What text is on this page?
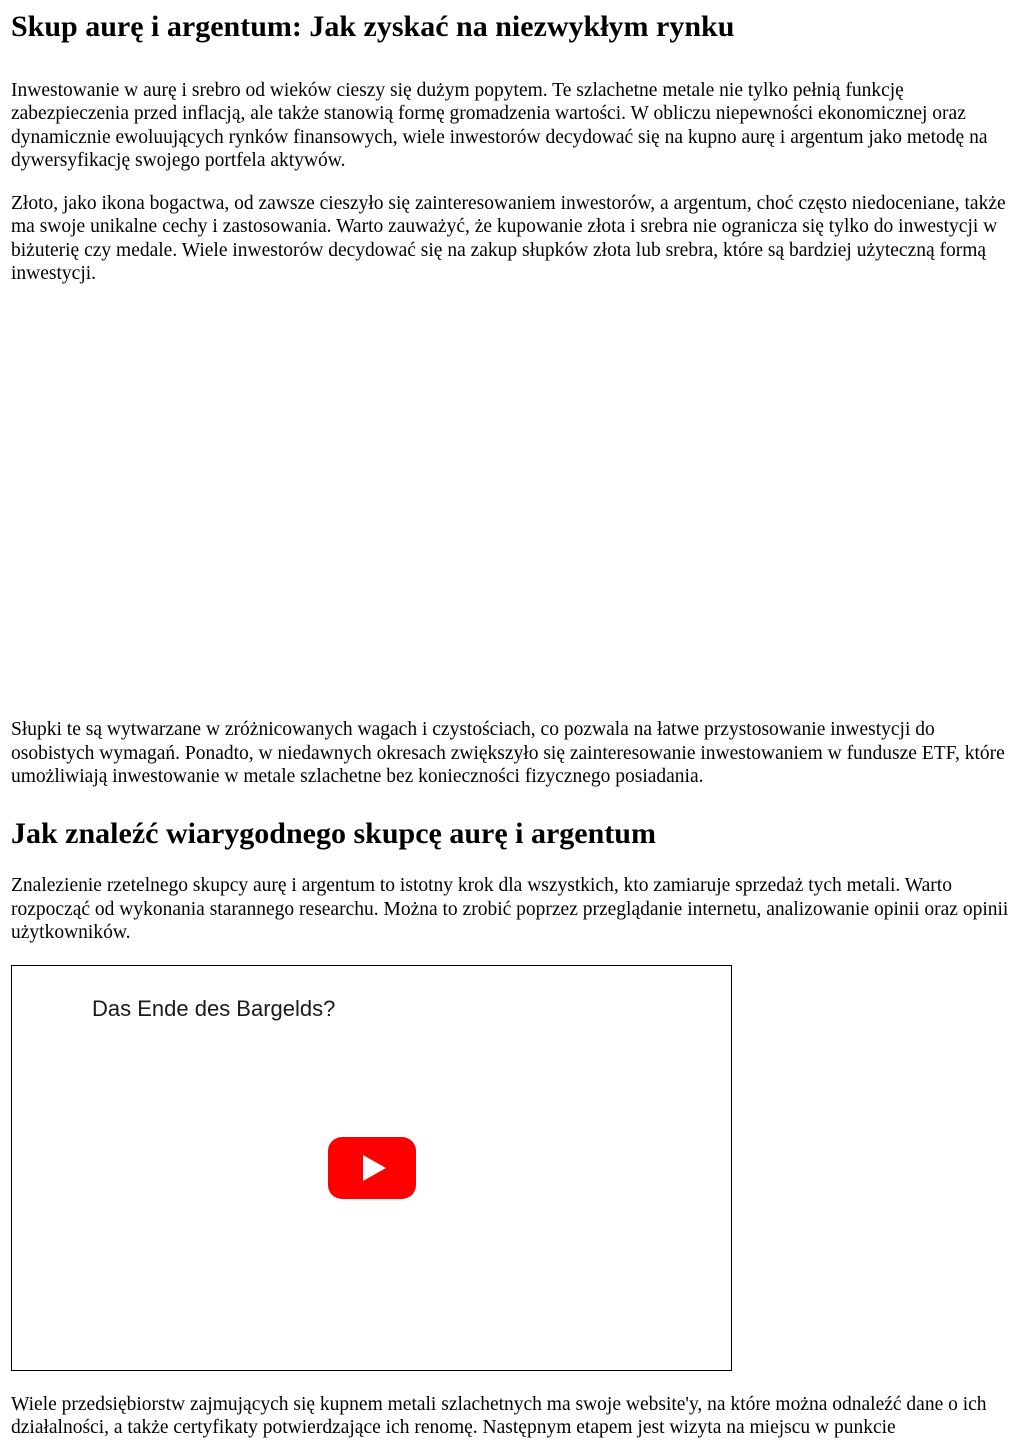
Skup aurę i argentum: Jak zyskać na niezwykłym rynku

Inwestowanie w aurę i srebro od wieków cieszy się dużym popytem. Te szlachetne metale nie tylko pełnią funkcję zabezpieczenia przed inflacją, ale także stanowią formę gromadzenia wartości. W obliczu niepewności ekonomicznej oraz dynamicznie ewoluujących rynków finansowych, wiele inwestorów decydować się na kupno aurę i argentum jako metodę na dywersyfikację swojego portfela aktywów.

Złoto, jako ikona bogactwa, od zawsze cieszyło się zainteresowaniem inwestorów, a argentum, choć często niedoceniane, także ma swoje unikalne cechy i zastosowania. Warto zauważyć, że kupowanie złota i srebra nie ogranicza się tylko do inwestycji w biżuterię czy medale. Wiele inwestorów decydować się na zakup słupków złota lub srebra, które są bardziej użyteczną formą inwestycji.

Słupki te są wytwarzane w zróżnicowanych wagach i czystościach, co pozwala na łatwe przystosowanie inwestycji do osobistych wymagań. Ponadto, w niedawnych okresach zwiększyło się zainteresowanie inwestowaniem w fundusze ETF, które umożliwiają inwestowanie w metale szlachetne bez konieczności fizycznego posiadania.

Jak znaleźć wiarygodnego skupcę aurę i argentum

Znalezienie rzetelnego skupcy aurę i argentum to istotny krok dla wszystkich, kto zamiaruje sprzedaż tych metali. Warto rozpocząć od wykonania starannego researchu. Można to zrobić poprzez przeglądanie internetu, analizowanie opinii oraz opinii użytkowników.

Das Ende des Bargelds?

Wiele przedsiębiorstw zajmujących się kupnem metali szlachetnych ma swoje website'y, na które można odnaleźć dane o ich działalności, a także certyfikaty potwierdzające ich renomę. Następnym etapem jest wizyta na miejscu w punkcie
